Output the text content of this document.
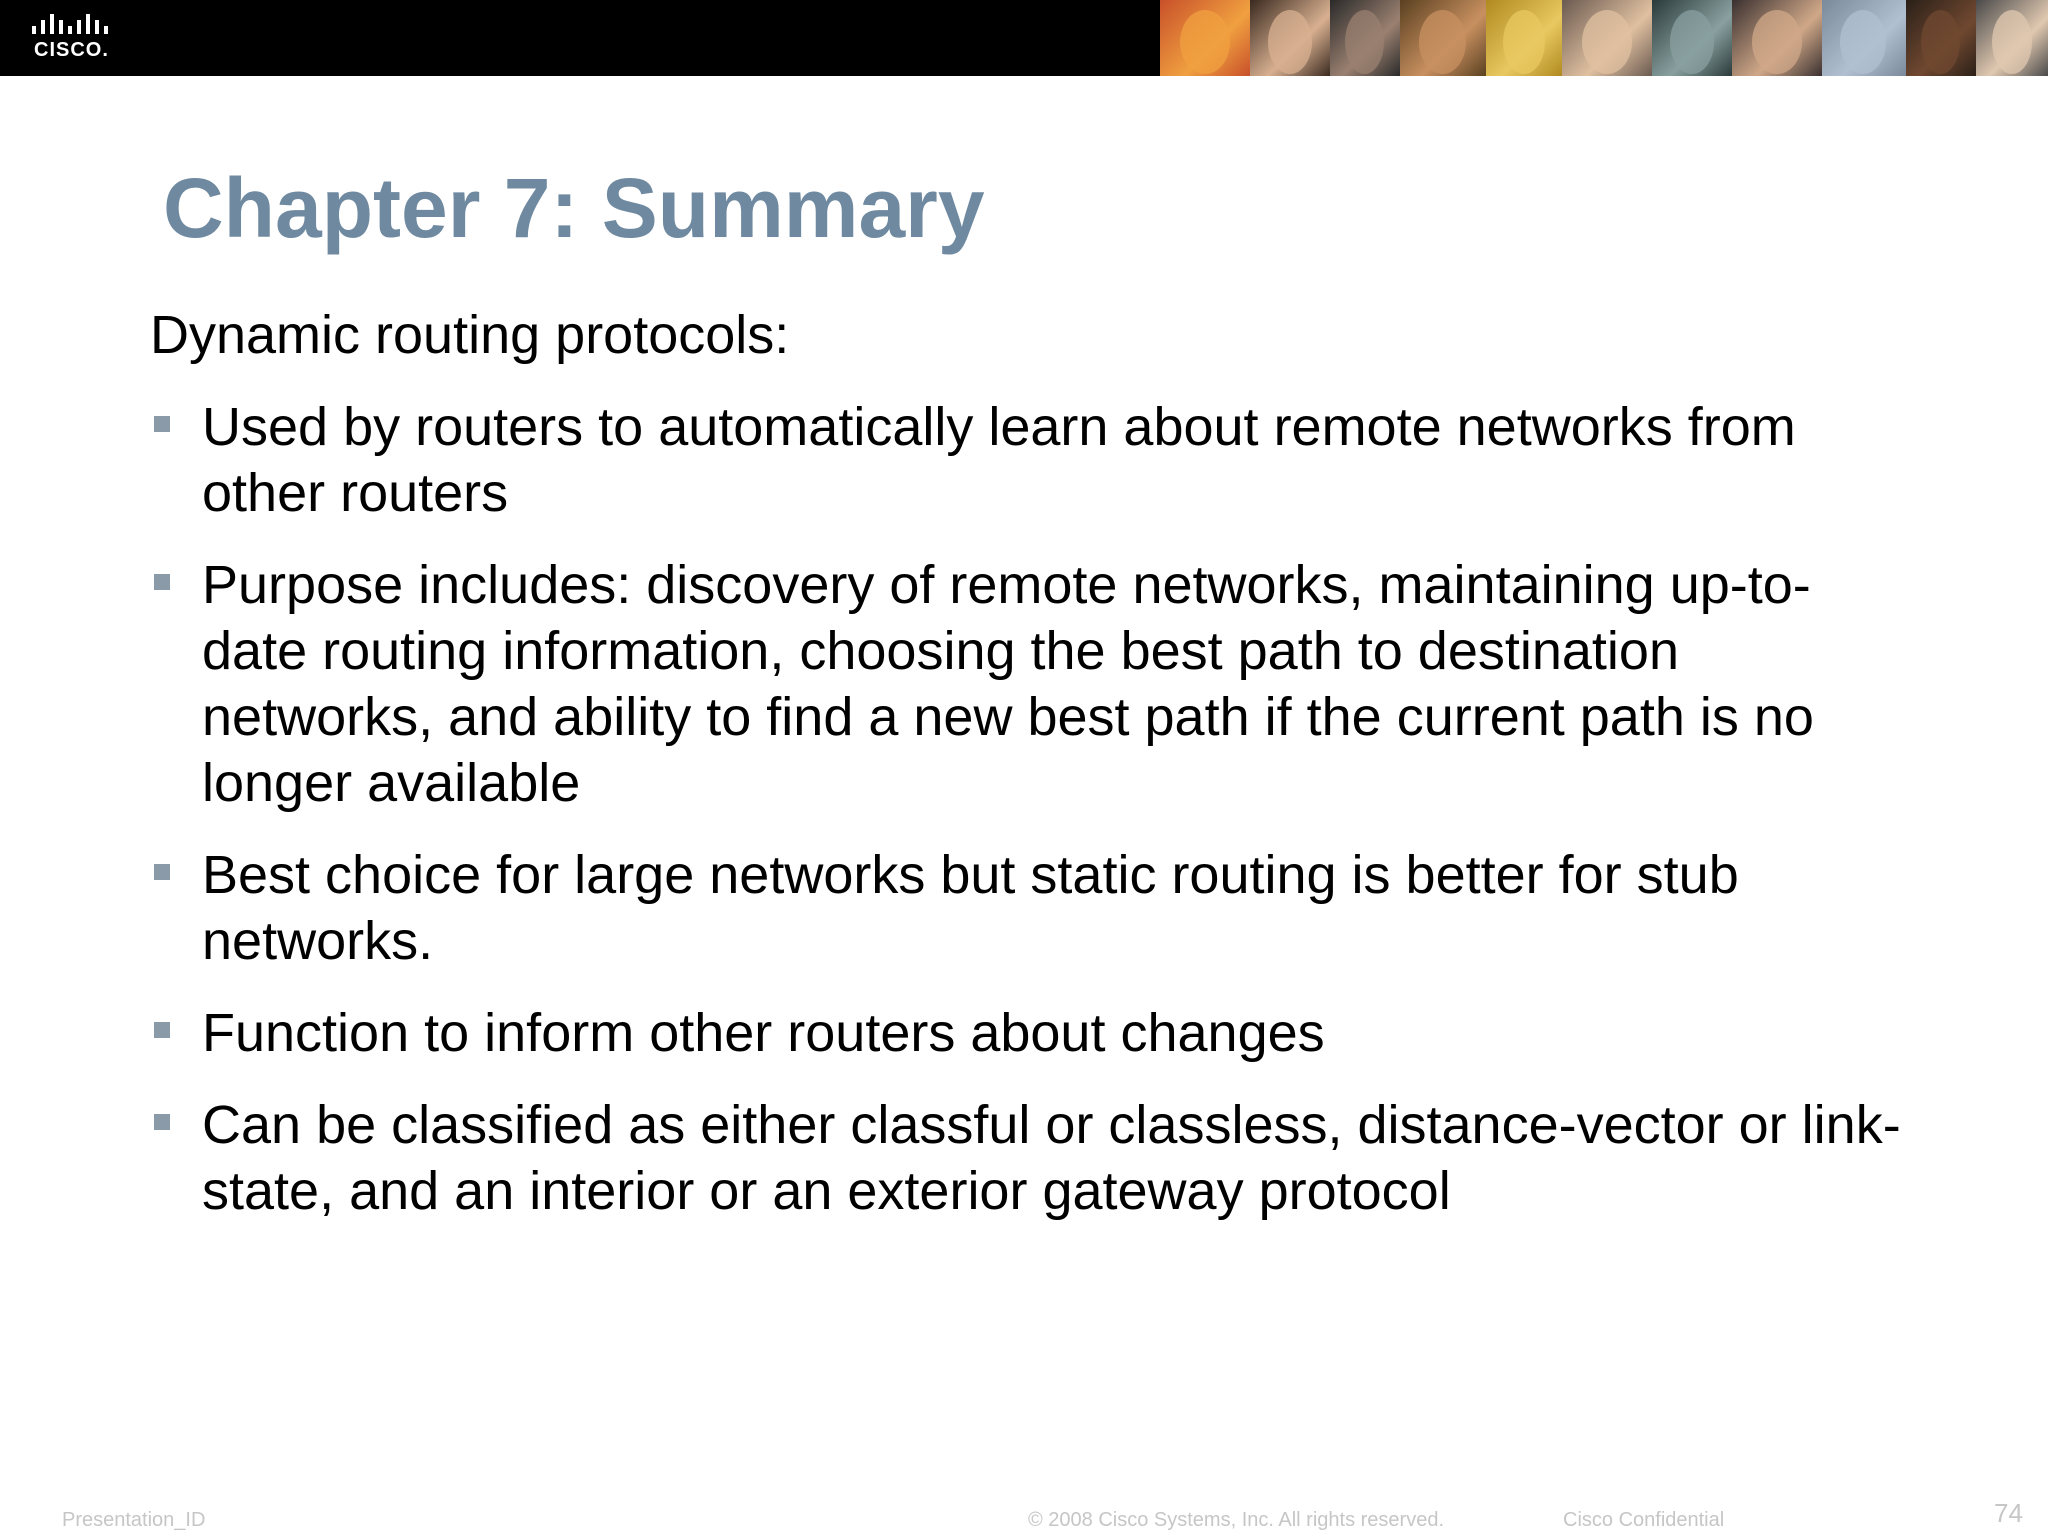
CISCO.
Chapter 7: Summary

Dynamic routing protocols:

Used by routers to automatically learn about remote networks from other routers
Purpose includes: discovery of remote networks, maintaining up-to-date routing information, choosing the best path to destination networks, and ability to find a new best path if the current path is no longer available
Best choice for large networks but static routing is better for stub networks.
Function to inform other routers about changes
Can be classified as either classful or classless, distance-vector or link-state, and an interior or an exterior gateway protocol
Presentation_ID	© 2008 Cisco Systems, Inc. All rights reserved.	Cisco Confidential	74
